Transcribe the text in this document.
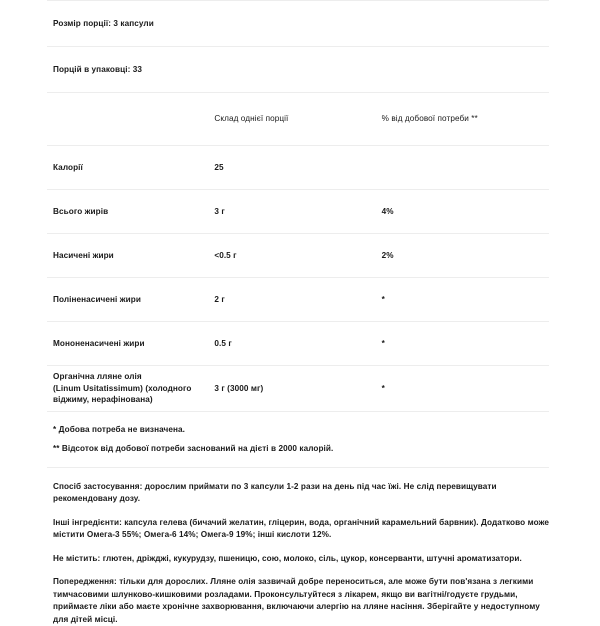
Розмір порції: 3 капсули		
Порцій в упаковці: 33		
	Склад однієї порції	% від добової потреби **
Калорії	25	
Всього жирів	3 г	4%
Насичені жири	<0.5 г	2%
Поліненасичені жири	2 г	*
Мононенасичені жири	0.5 г	*

Органічна лляне олія
(Linum Usitatissimum) (холодного віджиму, нерафінована)	3 г (3000 мг)	*

* Добова потреба не визначена.

** Відсоток від добової потреби заснований на дієті в 2000 калорій.		

Спосіб застосування: дорослим приймати по 3 капсули 1-2 рази на день під час їжі. Не слід перевищувати рекомендовану дозу.

Інші інгредієнти: капсула гелева (бичачий желатин, гліцерин, вода, органічний карамельний барвник). Додатково може містити Омега-3 55%; Омега-6 14%; Омега-9 19%; інші кислоти 12%.

Не містить: глютен, дріжджі, кукурудзу, пшеницю, сою, молоко, сіль, цукор, консерванти, штучні ароматизатори.

Попередження: тільки для дорослих. Лляне олія зазвичай добре переноситься, але може бути пов'язана з легкими тимчасовими шлунково-кишковими розладами. Проконсультуйтеся з лікарем, якщо ви вагітні/годуєте грудьми, приймаєте ліки або маєте хронічне захворювання, включаючи алергію на лляне насіння. Зберігайте у недоступному для дітей місці.
